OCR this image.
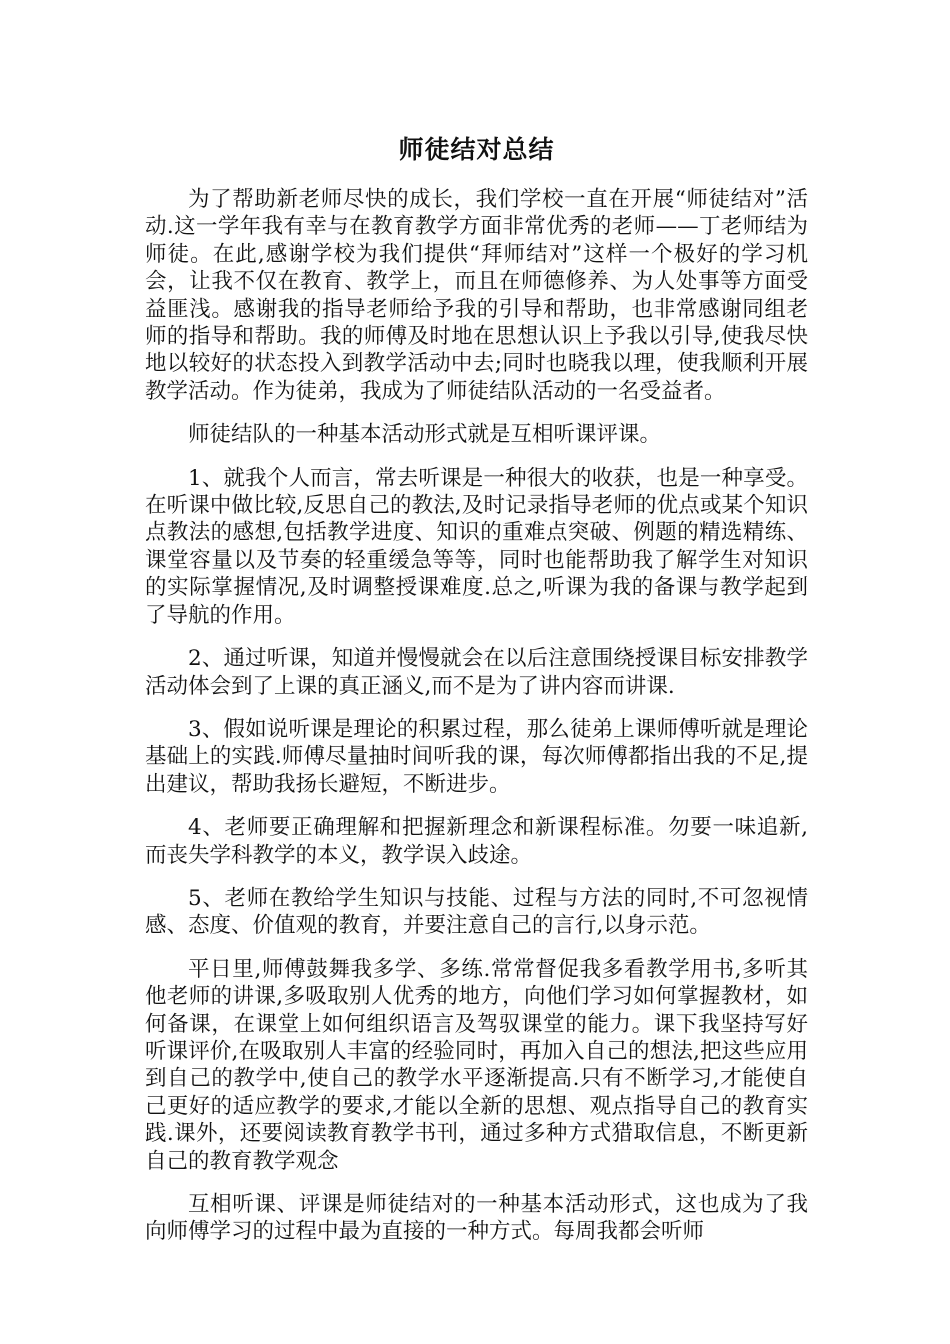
师徒结对总结

为了帮助新老师尽快的成长，我们学校一直在开展“师徒结对”活动.这一学年我有幸与在教育教学方面非常优秀的老师——丁老师结为师徒。在此,感谢学校为我们提供“拜师结对”这样一个极好的学习机会，让我不仅在教育、教学上，而且在师德修养、为人处事等方面受益匪浅。感谢我的指导老师给予我的引导和帮助，也非常感谢同组老师的指导和帮助。我的师傅及时地在思想认识上予我以引导,使我尽快地以较好的状态投入到教学活动中去;同时也晓我以理，使我顺利开展教学活动。作为徒弟，我成为了师徒结队活动的一名受益者。

师徒结队的一种基本活动形式就是互相听课评课。

1、就我个人而言，常去听课是一种很大的收获，也是一种享受。在听课中做比较,反思自己的教法,及时记录指导老师的优点或某个知识点教法的感想,包括教学进度、知识的重难点突破、例题的精选精练、课堂容量以及节奏的轻重缓急等等，同时也能帮助我了解学生对知识的实际掌握情况,及时调整授课难度.总之,听课为我的备课与教学起到了导航的作用。

2、通过听课，知道并慢慢就会在以后注意围绕授课目标安排教学活动体会到了上课的真正涵义,而不是为了讲内容而讲课.

3、假如说听课是理论的积累过程，那么徒弟上课师傅听就是理论基础上的实践.师傅尽量抽时间听我的课，每次师傅都指出我的不足,提出建议，帮助我扬长避短，不断进步。

4、老师要正确理解和把握新理念和新课程标准。勿要一味追新,而丧失学科教学的本义，教学误入歧途。

5、老师在教给学生知识与技能、过程与方法的同时,不可忽视情感、态度、价值观的教育，并要注意自己的言行,以身示范。

平日里,师傅鼓舞我多学、多练.常常督促我多看教学用书,多听其他老师的讲课,多吸取别人优秀的地方，向他们学习如何掌握教材，如何备课，在课堂上如何组织语言及驾驭课堂的能力。课下我坚持写好听课评价,在吸取别人丰富的经验同时，再加入自己的想法,把这些应用到自己的教学中,使自己的教学水平逐渐提高.只有不断学习,才能使自己更好的适应教学的要求,才能以全新的思想、观点指导自己的教育实践.课外，还要阅读教育教学书刊，通过多种方式猎取信息，不断更新自己的教育教学观念

互相听课、评课是师徒结对的一种基本活动形式，这也成为了我向师傅学习的过程中最为直接的一种方式。每周我都会听师
